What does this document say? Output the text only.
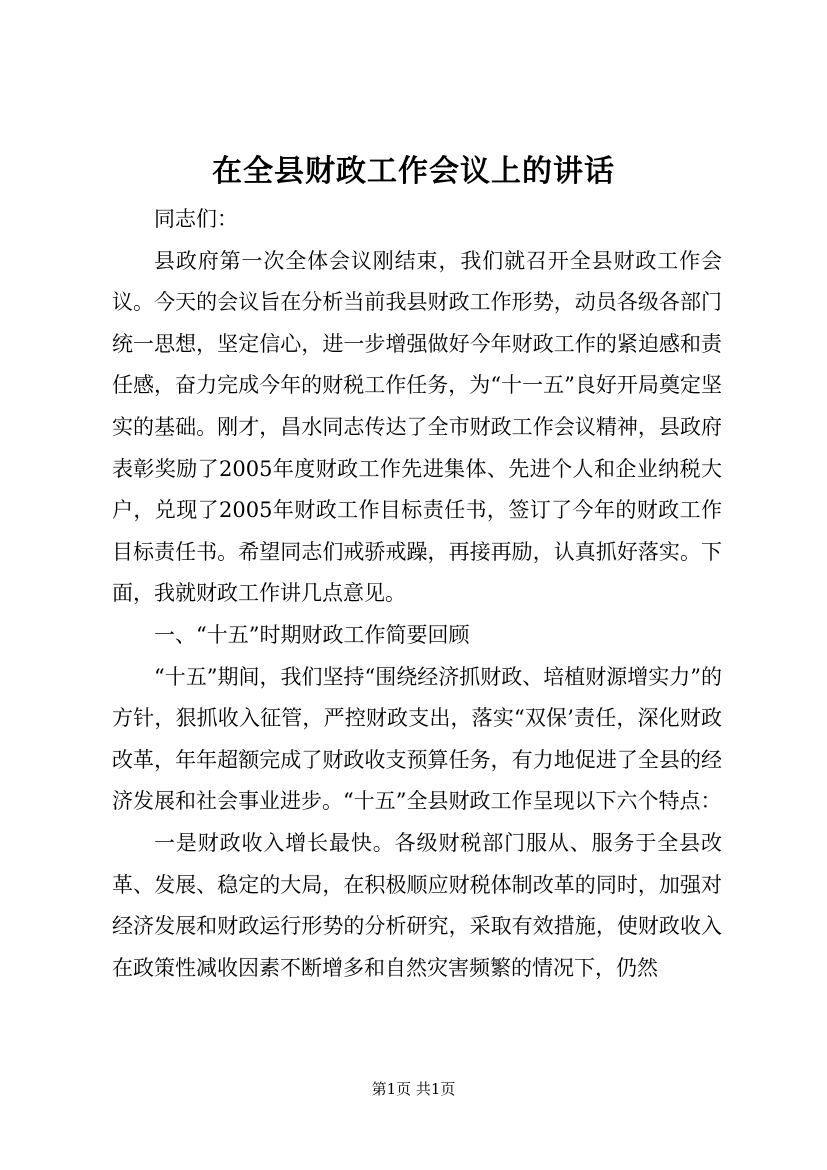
在全县财政工作会议上的讲话

同志们：

县政府第一次全体会议刚结束，我们就召开全县财政工作会议。今天的会议旨在分析当前我县财政工作形势，动员各级各部门统一思想，坚定信心，进一步增强做好今年财政工作的紧迫感和责任感，奋力完成今年的财税工作任务，为“十一五”良好开局奠定坚实的基础。刚才，昌水同志传达了全市财政工作会议精神，县政府表彰奖励了2005年度财政工作先进集体、先进个人和企业纳税大户，兑现了2005年财政工作目标责任书，签订了今年的财政工作目标责任书。希望同志们戒骄戒躁，再接再励，认真抓好落实。下面，我就财政工作讲几点意见。

一、“十五”时期财政工作简要回顾

“十五”期间，我们坚持“围绕经济抓财政、培植财源增实力”的方针，狠抓收入征管，严控财政支出，落实“双保’责任，深化财政改革，年年超额完成了财政收支预算任务，有力地促进了全县的经济发展和社会事业进步。“十五”全县财政工作呈现以下六个特点：

一是财政收入增长最快。各级财税部门服从、服务于全县改革、发展、稳定的大局，在积极顺应财税体制改革的同时，加强对经济发展和财政运行形势的分析研究，采取有效措施，使财政收入在政策性减收因素不断增多和自然灾害频繁的情况下，仍然

第1页 共1页
